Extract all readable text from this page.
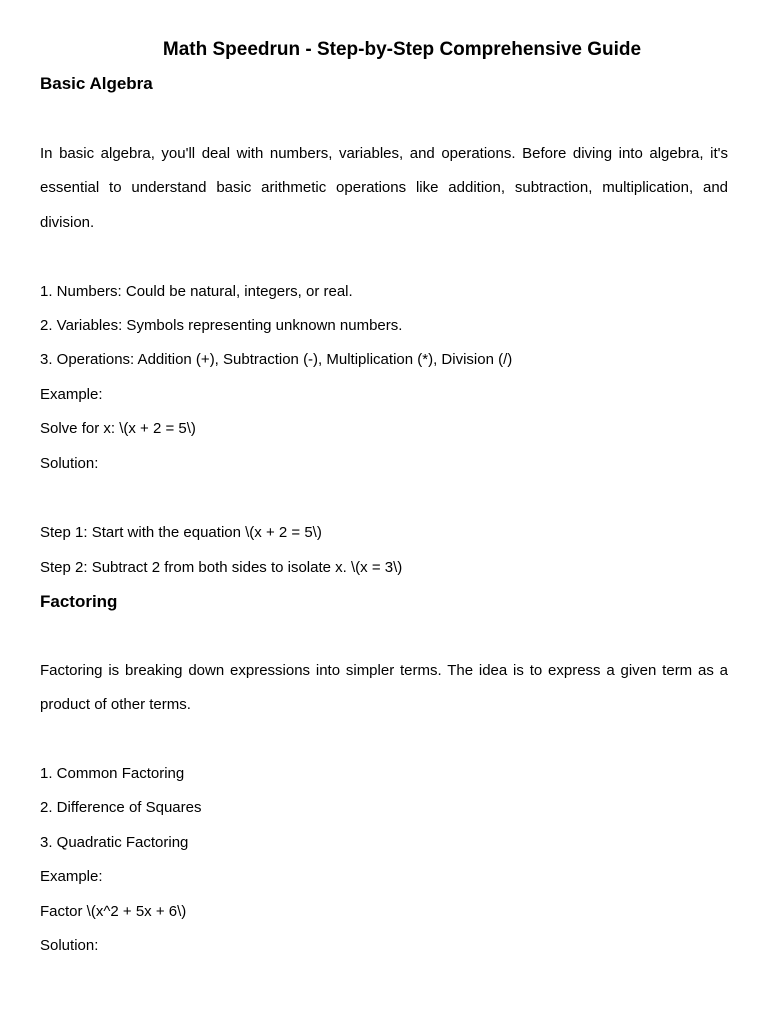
Math Speedrun - Step-by-Step Comprehensive Guide
Basic Algebra
In basic algebra, you'll deal with numbers, variables, and operations. Before diving into algebra, it's
essential to understand basic arithmetic operations like addition, subtraction, multiplication, and
division.
1. Numbers: Could be natural, integers, or real.
2. Variables: Symbols representing unknown numbers.
3. Operations: Addition (+), Subtraction (-), Multiplication (*), Division (/)
Example:
Solve for x: \(x + 2 = 5\)
Solution:
Step 1: Start with the equation \(x + 2 = 5\)
Step 2: Subtract 2 from both sides to isolate x. \(x = 3\)
Factoring
Factoring is breaking down expressions into simpler terms. The idea is to express a given term as a
product of other terms.
1. Common Factoring
2. Difference of Squares
3. Quadratic Factoring
Example:
Factor \(x^2 + 5x + 6\)
Solution:
